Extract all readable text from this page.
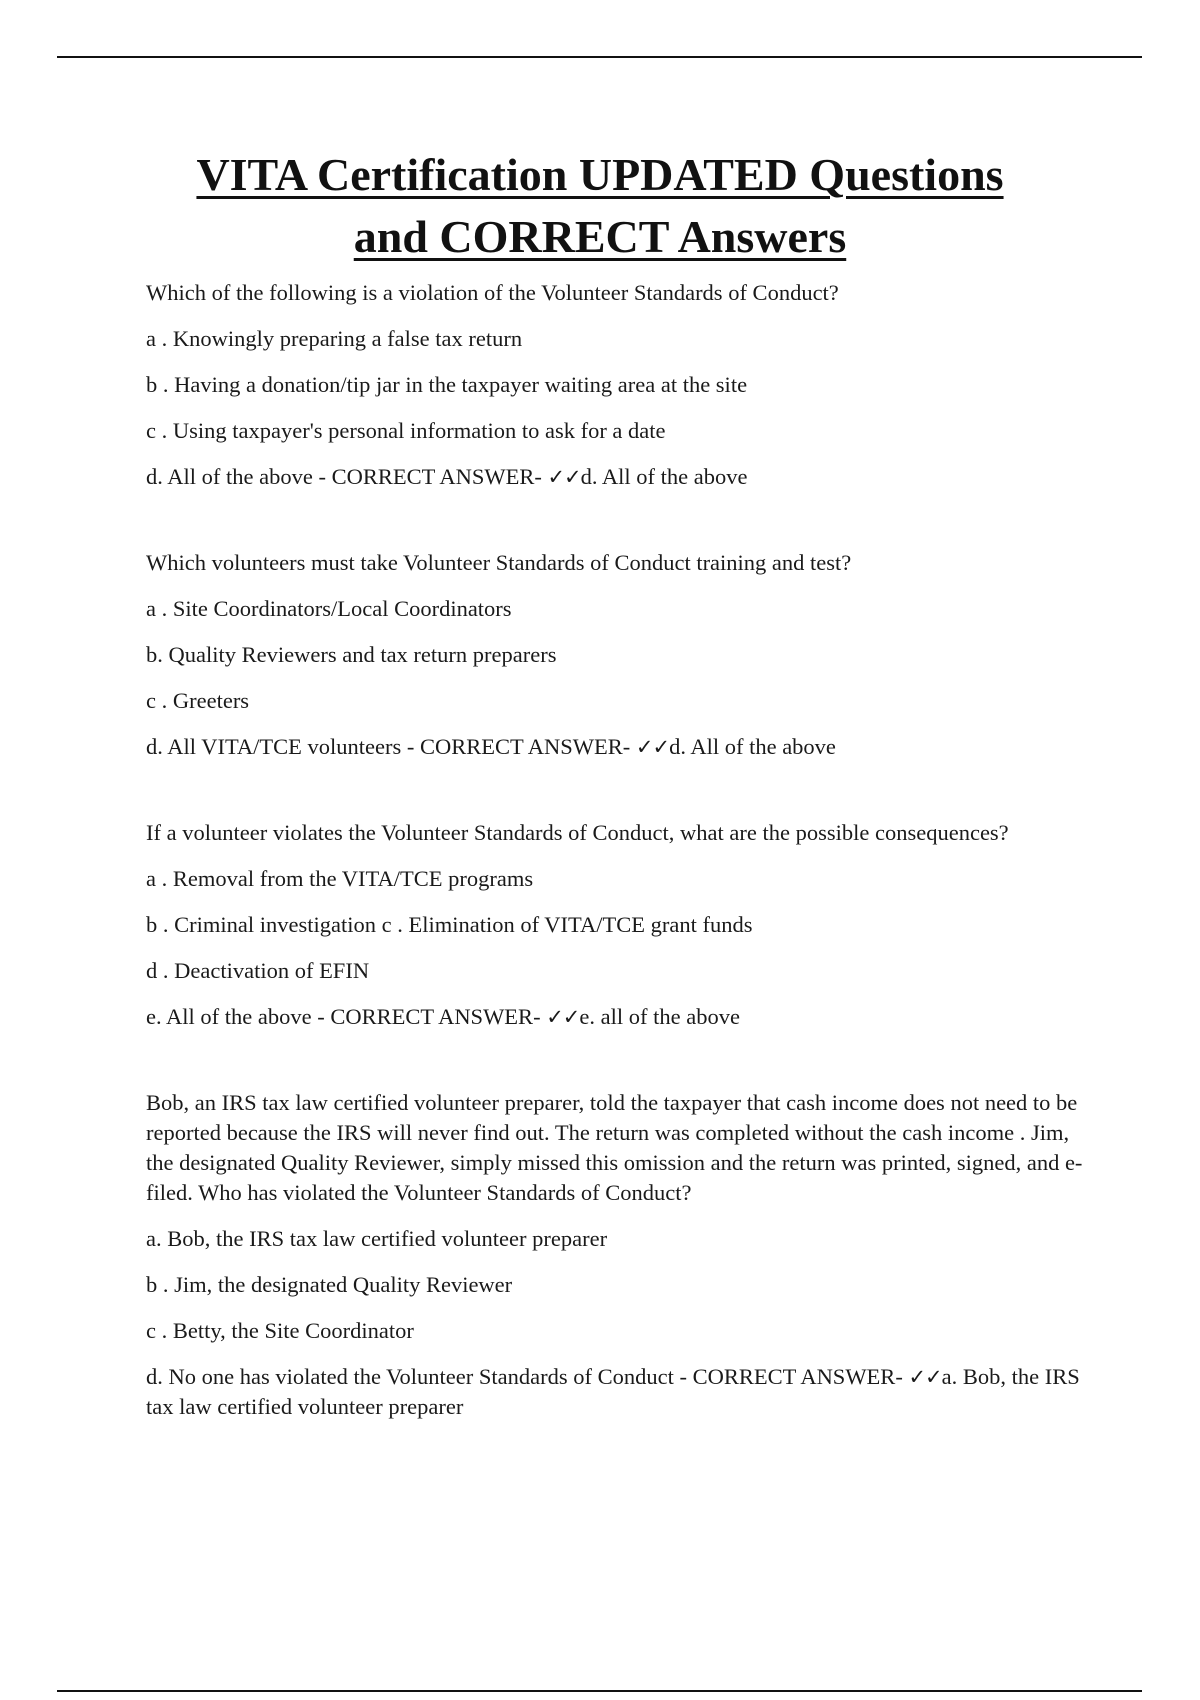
VITA Certification UPDATED Questions
and CORRECT Answers

Which of the following is a violation of the Volunteer Standards of Conduct?

a . Knowingly preparing a false tax return

b . Having a donation/tip jar in the taxpayer waiting area at the site

c . Using taxpayer's personal information to ask for a date

d. All of the above - CORRECT ANSWER- ✓✓d. All of the above

Which volunteers must take Volunteer Standards of Conduct training and test?

a . Site Coordinators/Local Coordinators

b. Quality Reviewers and tax return preparers

c . Greeters

d. All VITA/TCE volunteers - CORRECT ANSWER- ✓✓d. All of the above

If a volunteer violates the Volunteer Standards of Conduct, what are the possible consequences?

a . Removal from the VITA/TCE programs

b . Criminal investigation c . Elimination of VITA/TCE grant funds

d . Deactivation of EFIN

e. All of the above - CORRECT ANSWER- ✓✓e. all of the above

Bob, an IRS tax law certified volunteer preparer, told the taxpayer that cash income does not need to be reported because the IRS will never find out. The return was completed without the cash income . Jim, the designated Quality Reviewer, simply missed this omission and the return was printed, signed, and e-filed. Who has violated the Volunteer Standards of Conduct?

a. Bob, the IRS tax law certified volunteer preparer

b . Jim, the designated Quality Reviewer

c . Betty, the Site Coordinator

d. No one has violated the Volunteer Standards of Conduct - CORRECT ANSWER- ✓✓a. Bob, the IRS tax law certified volunteer preparer
